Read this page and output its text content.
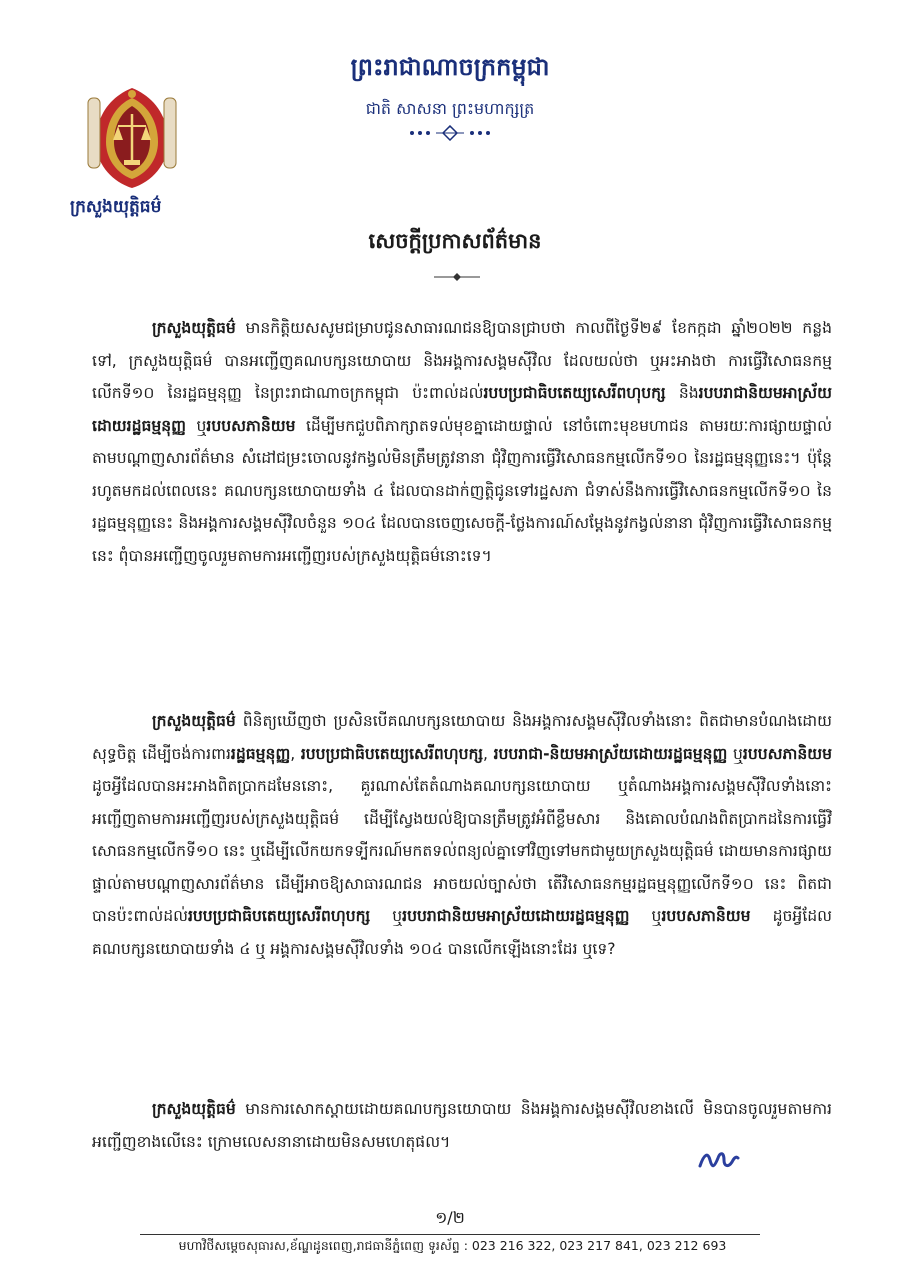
ក្រសួងយុត្តិធម៌
ព្រះរាជាណាចក្រកម្ពុជា
ជាតិ សាសនា ព្រះមហាក្សត្រ
សេចក្ដីប្រកាសព័ត៌មាន

ក្រសួងយុត្តិធម៌ មានកិត្តិយសសូមជម្រាបជូនសាធារណជនឱ្យបានជ្រាបថា កាលពីថ្ងៃទី២៩ ខែកក្កដា ឆ្នាំ២០២២ កន្លងទៅ, ក្រសួងយុត្តិធម៌ បានអញ្ជើញគណបក្សនយោបាយ និងអង្គការសង្គមស៊ីវិល ដែលយល់ថា ឬអះអាងថា ការធ្វើវិសោធនកម្មលើកទី១០ នៃរដ្ឋធម្មនុញ្ញ នៃព្រះរាជាណាចក្រកម្ពុជា ប៉ះពាល់ដល់របបប្រជាធិបតេយ្យសេរីពហុបក្ស និងរបបរាជានិយមអាស្រ័យដោយរដ្ឋធម្មនុញ្ញ ឬរបបសភានិយម ដើម្បីមកជួបពិភាក្សាតទល់មុខគ្នាដោយផ្ទាល់ នៅចំពោះមុខមហាជន តាមរយៈការផ្សាយផ្ទាល់តាមបណ្ដាញសារព័ត៌មាន សំដៅជម្រះចោលនូវកង្វល់មិនត្រឹមត្រូវនានា ជុំវិញការធ្វើវិសោធនកម្មលើកទី១០ នៃរដ្ឋធម្មនុញ្ញនេះ។ ប៉ុន្តែរហូតមកដល់ពេលនេះ គណបក្សនយោបាយទាំង ៤ ដែលបានដាក់ញត្តិជូនទៅរដ្ឋសភា ជំទាស់នឹងការធ្វើវិសោធនកម្មលើកទី១០ នៃរដ្ឋធម្មនុញ្ញនេះ និងអង្គការសង្គមស៊ីវិលចំនួន ១០៤ ដែលបានចេញសេចក្ដី-ថ្លែងការណ៍សម្ដែងនូវកង្វល់នានា ជុំវិញការធ្វើវិសោធនកម្មនេះ ពុំបានអញ្ជើញចូលរួមតាមការអញ្ជើញរបស់ក្រសួងយុត្តិធម៌នោះទេ។

ក្រសួងយុត្តិធម៌ ពិនិត្យឃើញថា ប្រសិនបើគណបក្សនយោបាយ និងអង្គការសង្គមស៊ីវិលទាំងនោះ ពិតជាមានបំណងដោយសុទ្ធចិត្ត ដើម្បីចង់ការពាររដ្ឋធម្មនុញ្ញ, របបប្រជាធិបតេយ្យសេរីពហុបក្ស, របបរាជា-និយមអាស្រ័យដោយរដ្ឋធម្មនុញ្ញ ឬរបបសភានិយម ដូចអ្វីដែលបានអះអាងពិតប្រាកដមែននោះ, គួរណាស់តែតំណាងគណបក្សនយោបាយ ឬតំណាងអង្គការសង្គមស៊ីវិលទាំងនោះ អញ្ជើញតាមការអញ្ជើញរបស់ក្រសួងយុត្តិធម៌ ដើម្បីស្វែងយល់ឱ្យបានត្រឹមត្រូវអំពីខ្លឹមសារ និងគោលបំណងពិតប្រាកដនៃការធ្វើវិសោធនកម្មលើកទី១០ នេះ ឬដើម្បីលើកយកទទ្បីករណ៍មកតទល់ពន្យល់គ្នាទៅវិញទៅមកជាមួយក្រសួងយុត្តិធម៌ ដោយមានការផ្សាយផ្ទាល់តាមបណ្ដាញសារព័ត៌មាន ដើម្បីអាចឱ្យសាធារណជន អាចយល់ច្បាស់ថា តើវិសោធនកម្មរដ្ឋធម្មនុញ្ញលើកទី១០ នេះ ពិតជាបានប៉ះពាល់ដល់របបប្រជាធិបតេយ្យសេរីពហុបក្ស ឬរបបរាជានិយមអាស្រ័យដោយរដ្ឋធម្មនុញ្ញ ឬរបបសភានិយម ដូចអ្វីដែលគណបក្សនយោបាយទាំង ៤ ឬ អង្គការសង្គមស៊ីវិលទាំង ១០៤ បានលើកឡើងនោះដែរ ឬទេ?

ក្រសួងយុត្តិធម៌ មានការសោកស្ដាយដោយគណបក្សនយោបាយ និងអង្គការសង្គមស៊ីវិលខាងលើ មិនបានចូលរួមតាមការអញ្ជើញខាងលើនេះ ក្រោមលេសនានាដោយមិនសមហេតុផល។

១/២
មហាវិថីសម្ដេចសុធារស,ខ័ណ្ឌដូនពេញ,រាជធានីភ្នំពេញ ទូរស័ព្ទ : 023 216 322, 023 217 841, 023 212 693
